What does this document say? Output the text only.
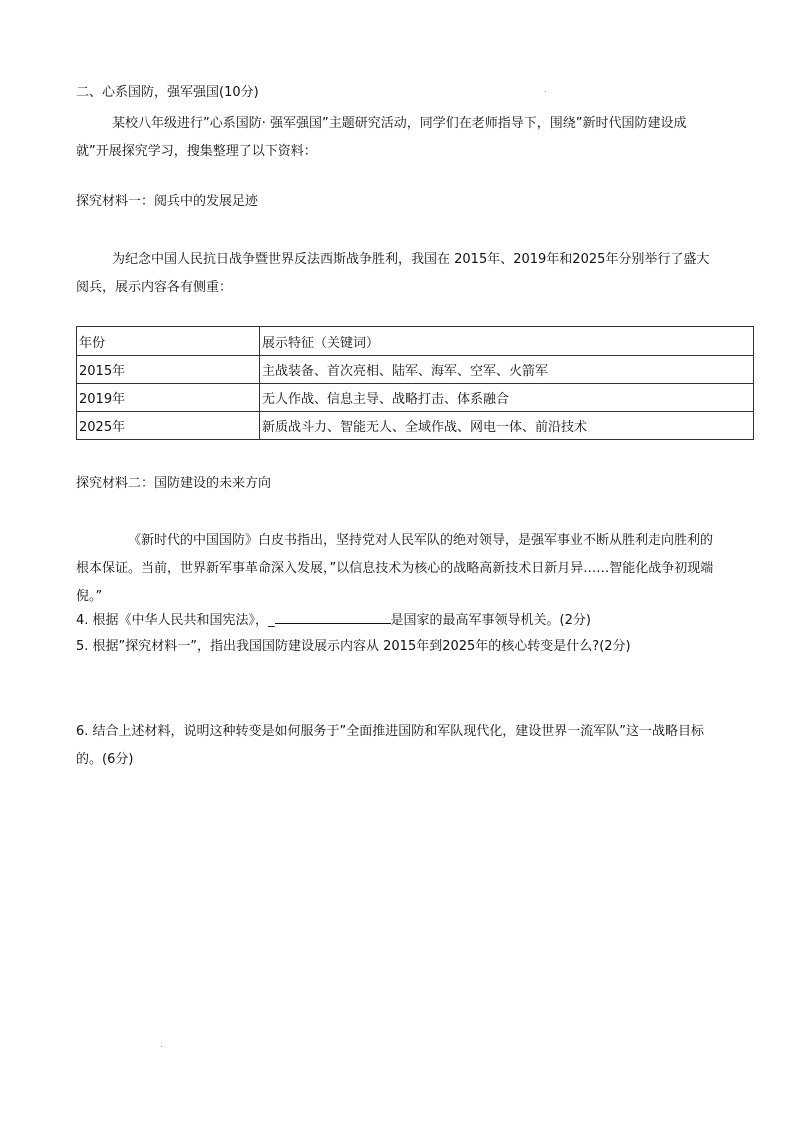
二、心系国防，强军强国(10分)
某校八年级进行”心系国防· 强军强国”主题研究活动，同学们在老师指导下，围绕”新时代国防建设成就”开展探究学习，搜集整理了以下资料：
探究材料一：阅兵中的发展足迹
为纪念中国人民抗日战争暨世界反法西斯战争胜利，我国在 2015年、2019年和2025年分别举行了盛大阅兵，展示内容各有侧重：
年份	展示特征（关键词）
2015年	主战装备、首次亮相、陆军、海军、空军、火箭军
2019年	无人作战、信息主导、战略打击、体系融合
2025年	新质战斗力、智能无人、全域作战、网电一体、前沿技术
探究材料二：国防建设的未来方向
《新时代的中国国防》白皮书指出，坚持党对人民军队的绝对领导，是强军事业不断从胜利走向胜利的根本保证。当前，世界新军事革命深入发展，”以信息技术为核心的战略高新技术日新月异……智能化战争初现端倪。”
4. 根据《中华人民共和国宪法》，_	是国家的最高军事领导机关。(2分)
5. 根据”探究材料一”，指出我国国防建设展示内容从 2015年到2025年的核心转变是什么?(2分)
6. 结合上述材料，说明这种转变是如何服务于”全面推进国防和军队现代化，建设世界一流军队”这一战略目标的。(6分)
